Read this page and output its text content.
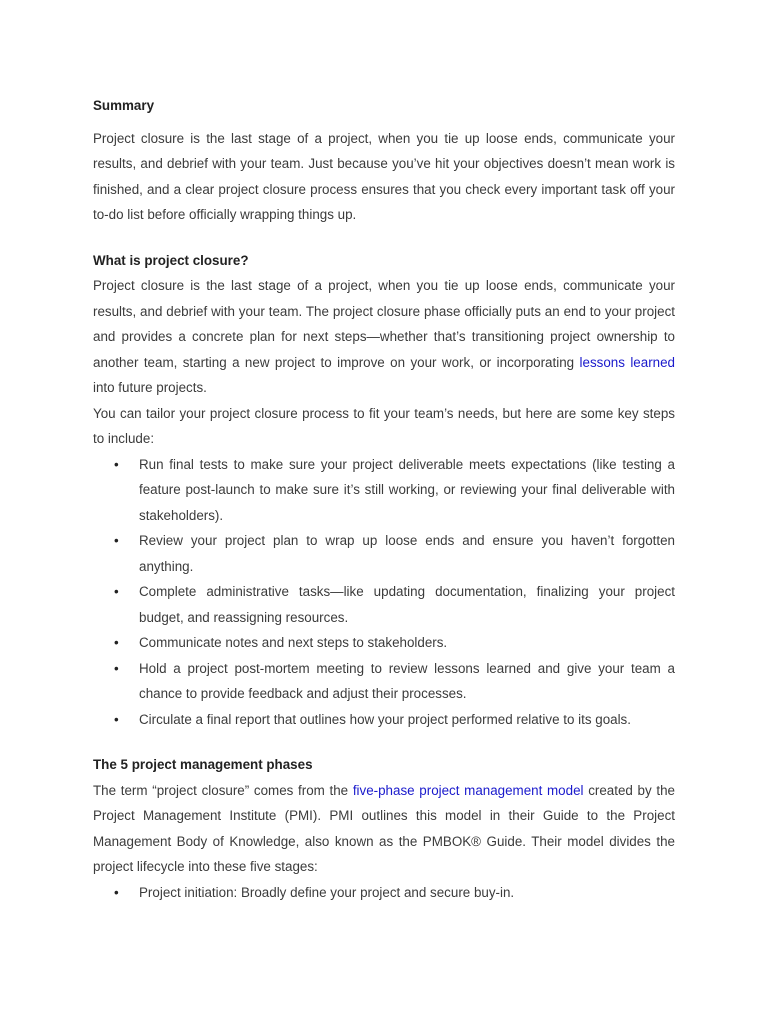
Summary

Project closure is the last stage of a project, when you tie up loose ends, communicate your results, and debrief with your team. Just because you’ve hit your objectives doesn’t mean work is finished, and a clear project closure process ensures that you check every important task off your to-do list before officially wrapping things up.

What is project closure?

Project closure is the last stage of a project, when you tie up loose ends, communicate your results, and debrief with your team. The project closure phase officially puts an end to your project and provides a concrete plan for next steps—whether that’s transitioning project ownership to another team, starting a new project to improve on your work, or incorporating lessons learned into future projects.

You can tailor your project closure process to fit your team’s needs, but here are some key steps to include:

• Run final tests to make sure your project deliverable meets expectations (like testing a feature post-launch to make sure it’s still working, or reviewing your final deliverable with stakeholders).
• Review your project plan to wrap up loose ends and ensure you haven’t forgotten anything.
• Complete administrative tasks—like updating documentation, finalizing your project budget, and reassigning resources.
• Communicate notes and next steps to stakeholders.
• Hold a project post-mortem meeting to review lessons learned and give your team a chance to provide feedback and adjust their processes.
• Circulate a final report that outlines how your project performed relative to its goals.

The 5 project management phases

The term “project closure” comes from the five-phase project management model created by the Project Management Institute (PMI). PMI outlines this model in their Guide to the Project Management Body of Knowledge, also known as the PMBOK® Guide. Their model divides the project lifecycle into these five stages:

• Project initiation: Broadly define your project and secure buy-in.
